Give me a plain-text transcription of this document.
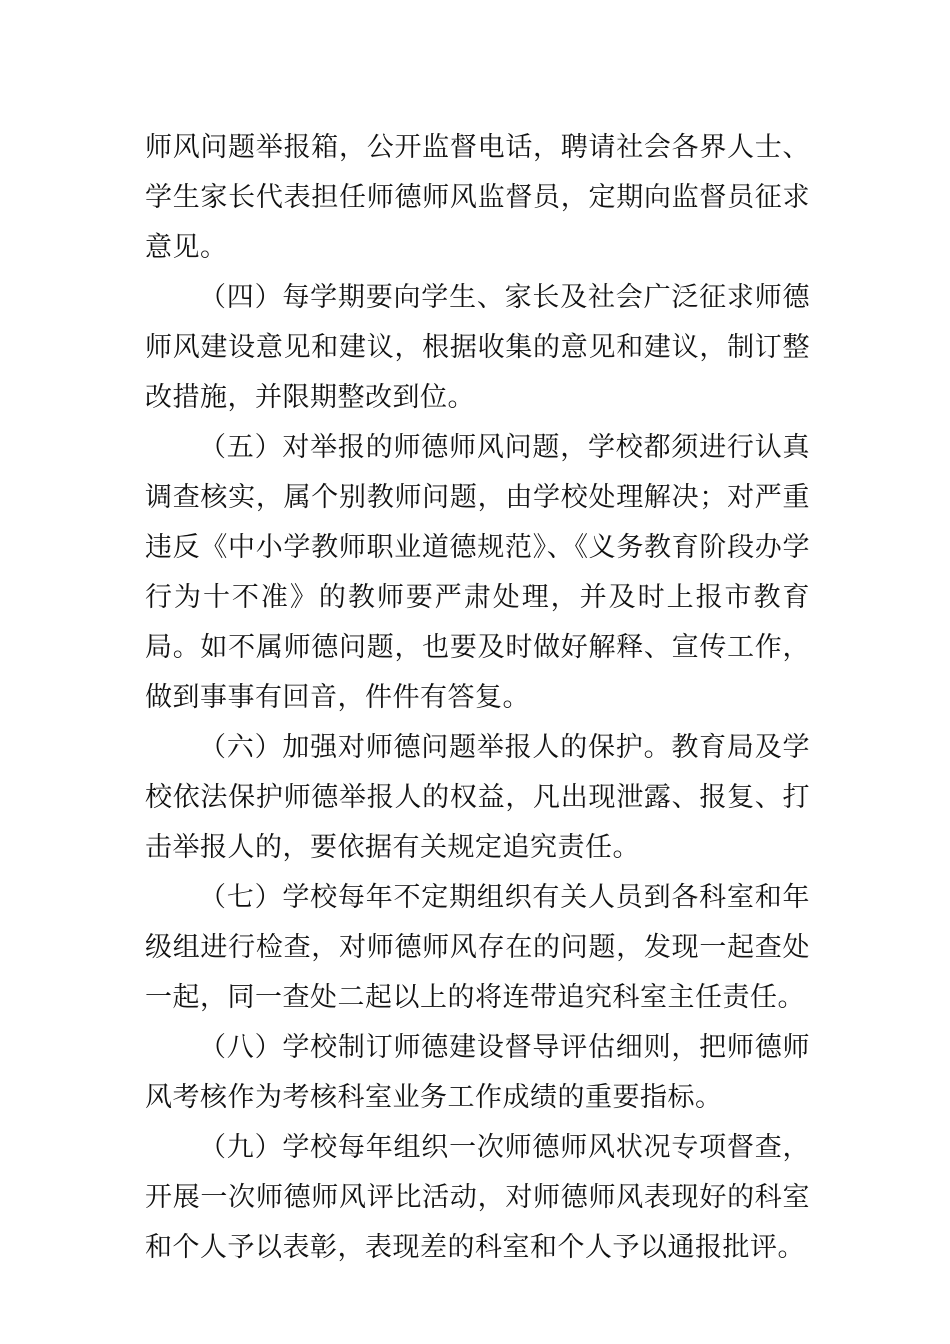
师风问题举报箱，公开监督电话，聘请社会各界人士、学生家长代表担任师德师风监督员，定期向监督员征求意见。

（四）每学期要向学生、家长及社会广泛征求师德师风建设意见和建议，根据收集的意见和建议，制订整改措施，并限期整改到位。

（五）对举报的师德师风问题，学校都须进行认真调查核实，属个别教师问题，由学校处理解决；对严重违反《中小学教师职业道德规范》、《义务教育阶段办学行为十不准》的教师要严肃处理，并及时上报市教育局。如不属师德问题，也要及时做好解释、宣传工作，做到事事有回音，件件有答复。

（六）加强对师德问题举报人的保护。教育局及学校依法保护师德举报人的权益，凡出现泄露、报复、打击举报人的，要依据有关规定追究责任。

（七）学校每年不定期组织有关人员到各科室和年级组进行检查，对师德师风存在的问题，发现一起查处一起，同一查处二起以上的将连带追究科室主任责任。

（八）学校制订师德建设督导评估细则，把师德师风考核作为考核科室业务工作成绩的重要指标。

（九）学校每年组织一次师德师风状况专项督查，开展一次师德师风评比活动，对师德师风表现好的科室和个人予以表彰，表现差的科室和个人予以通报批评。
